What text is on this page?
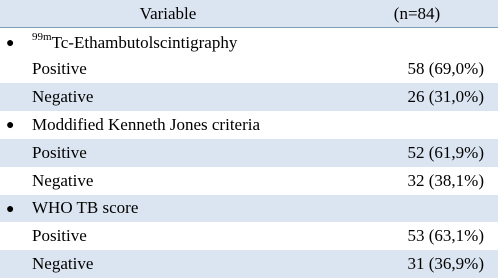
Variable	(n=84)
● $^{99m}$Tc-Ethambutolscintigraphy	
Positive	58 (69,0%)
Negative	26 (31,0%)
● Moddified Kenneth Jones criteria	
Positive	52 (61,9%)
Negative	32 (38,1%)
● WHO TB score	
Positive	53 (63,1%)
Negative	31 (36,9%)
